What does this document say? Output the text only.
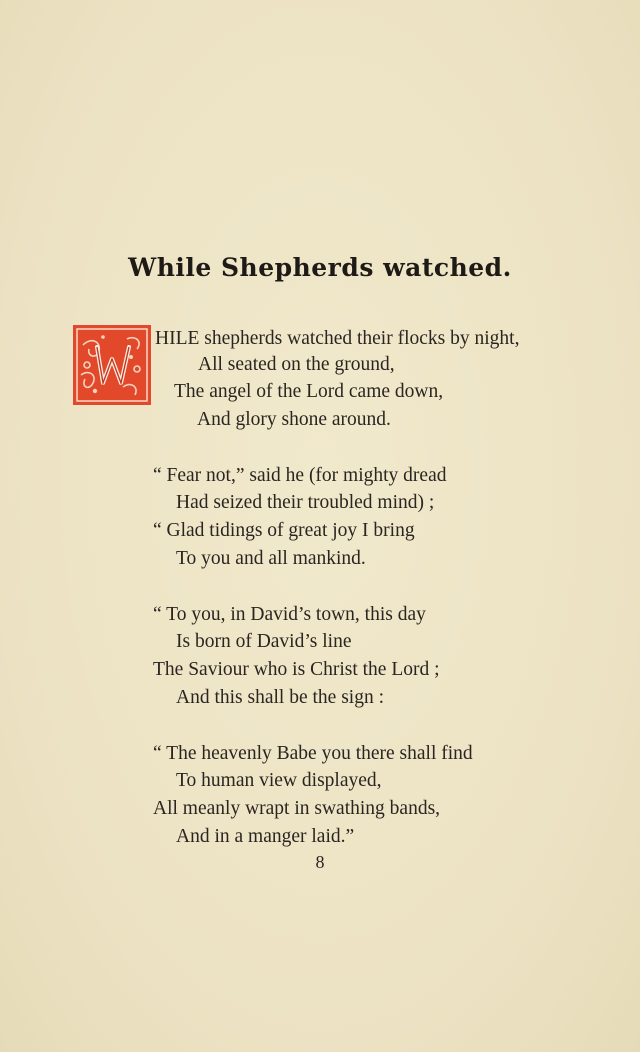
While Shepherds watched.
HILE shepherds watched their flocks by night,
All seated on the ground,
The angel of the Lord came down,
And glory shone around.
“ Fear not,” said he (for mighty dread
Had seized their troubled mind) ;
“ Glad tidings of great joy I bring
To you and all mankind.
“ To you, in David’s town, this day
Is born of David’s line
The Saviour who is Christ the Lord ;
And this shall be the sign :
“ The heavenly Babe you there shall find
To human view displayed,
All meanly wrapt in swathing bands,
And in a manger laid.”
8
